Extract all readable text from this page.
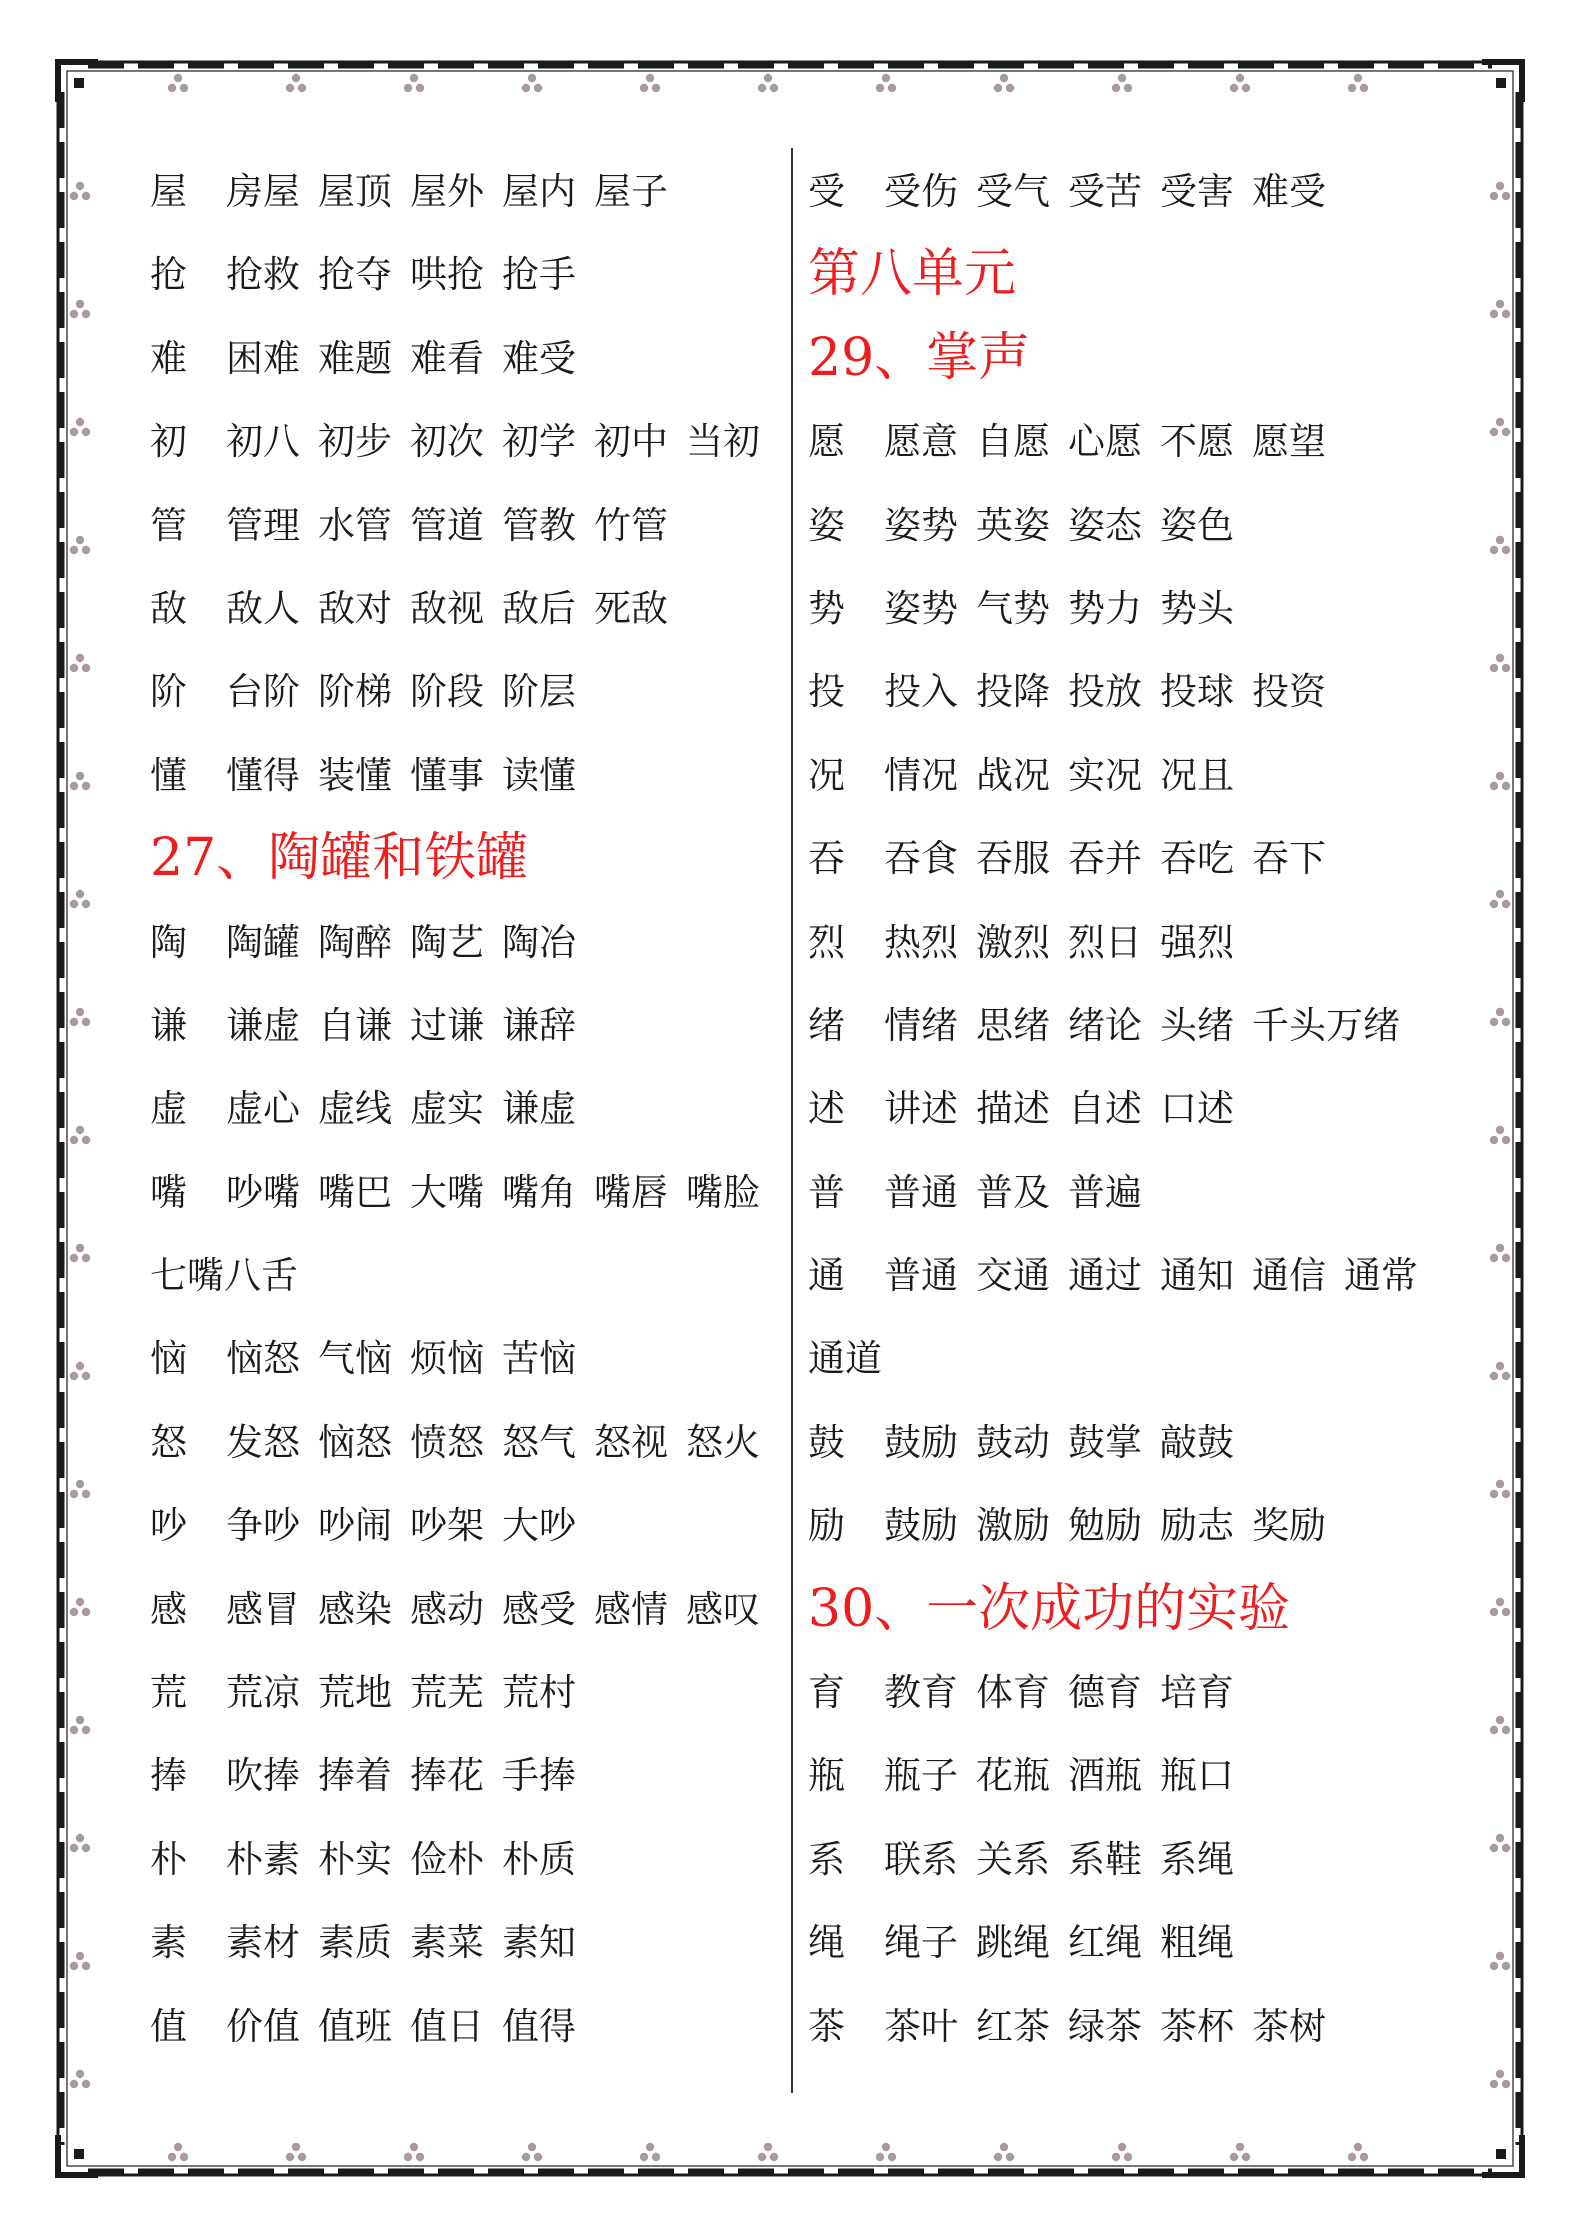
屋 房屋 屋顶 屋外 屋内 屋子
抢 抢救 抢夺 哄抢 抢手
难 困难 难题 难看 难受
初 初八 初步 初次 初学 初中 当初
管 管理 水管 管道 管教 竹管
敌 敌人 敌对 敌视 敌后 死敌
阶 台阶 阶梯 阶段 阶层
懂 懂得 装懂 懂事 读懂
27、陶罐和铁罐
陶 陶罐 陶醉 陶艺 陶冶
谦 谦虚 自谦 过谦 谦辞
虚 虚心 虚线 虚实 谦虚
嘴 吵嘴 嘴巴 大嘴 嘴角 嘴唇 嘴脸
七嘴八舌
恼 恼怒 气恼 烦恼 苦恼
怒 发怒 恼怒 愤怒 怒气 怒视 怒火
吵 争吵 吵闹 吵架 大吵
感 感冒 感染 感动 感受 感情 感叹
荒 荒凉 荒地 荒芜 荒村
捧 吹捧 捧着 捧花 手捧
朴 朴素 朴实 俭朴 朴质
素 素材 素质 素菜 素知
值 价值 值班 值日 值得
受 受伤 受气 受苦 受害 难受
第八单元
29、掌声
愿 愿意 自愿 心愿 不愿 愿望
姿 姿势 英姿 姿态 姿色
势 姿势 气势 势力 势头
投 投入 投降 投放 投球 投资
况 情况 战况 实况 况且
吞 吞食 吞服 吞并 吞吃 吞下
烈 热烈 激烈 烈日 强烈
绪 情绪 思绪 绪论 头绪 千头万绪
述 讲述 描述 自述 口述
普 普通 普及 普遍
通 普通 交通 通过 通知 通信 通常
通道
鼓 鼓励 鼓动 鼓掌 敲鼓
励 鼓励 激励 勉励 励志 奖励
30、一次成功的实验
育 教育 体育 德育 培育
瓶 瓶子 花瓶 酒瓶 瓶口
系 联系 关系 系鞋 系绳
绳 绳子 跳绳 红绳 粗绳
茶 茶叶 红茶 绿茶 茶杯 茶树
